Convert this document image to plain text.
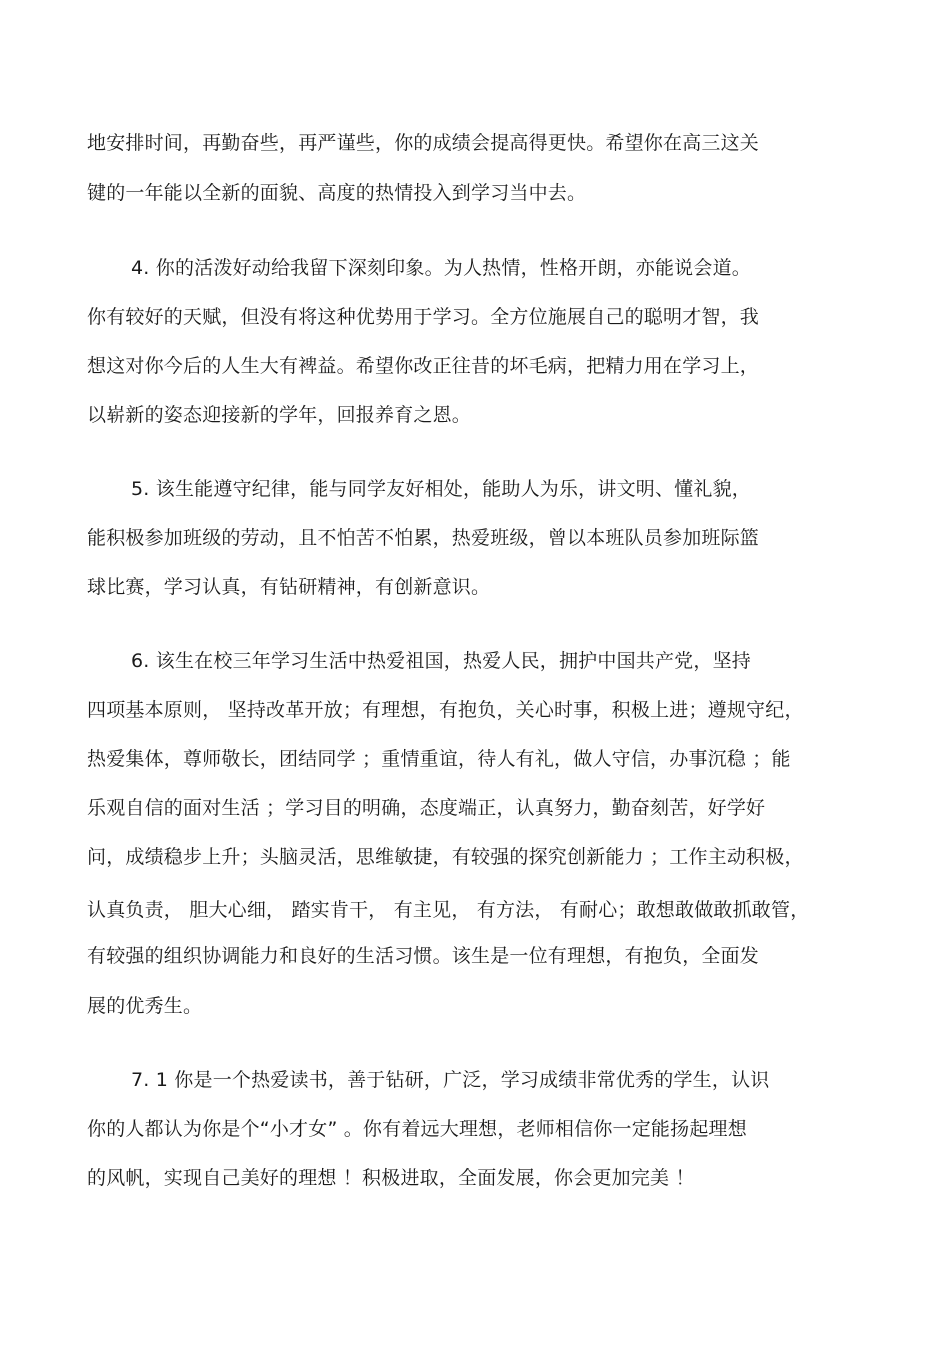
地安排时间，再勤奋些，再严谨些，你的成绩会提高得更快。希望你在高三这关
键的一年能以全新的面貌、高度的热情投入到学习当中去。
4. 你的活泼好动给我留下深刻印象。为人热情，性格开朗，亦能说会道。
你有较好的天赋，但没有将这种优势用于学习。全方位施展自己的聪明才智，我
想这对你今后的人生大有裨益。希望你改正往昔的坏毛病，把精力用在学习上，
以崭新的姿态迎接新的学年，回报养育之恩。
5. 该生能遵守纪律，能与同学友好相处，能助人为乐，讲文明、懂礼貌，
能积极参加班级的劳动，且不怕苦不怕累，热爱班级，曾以本班队员参加班际篮
球比赛，学习认真，有钻研精神，有创新意识。
6. 该生在校三年学习生活中热爱祖国，热爱人民，拥护中国共产党，坚持
四项基本原则， 坚持改革开放；有理想，有抱负，关心时事，积极上进；遵规守纪，
热爱集体，尊师敬长，团结同学 ；重情重谊，待人有礼，做人守信，办事沉稳 ；能
乐观自信的面对生活 ；学习目的明确，态度端正，认真努力，勤奋刻苦，好学好
问，成绩稳步上升；头脑灵活，思维敏捷，有较强的探究创新能力 ；工作主动积极，
认真负责， 胆大心细， 踏实肯干， 有主见， 有方法， 有耐心；敢想敢做敢抓敢管，
有较强的组织协调能力和良好的生活习惯。该生是一位有理想，有抱负，全面发
展的优秀生。
7. 1 你是一个热爱读书，善于钻研，广泛，学习成绩非常优秀的学生，认识
你的人都认为你是个“小才女” 。你有着远大理想，老师相信你一定能扬起理想
的风帆，实现自己美好的理想 ！积极进取，全面发展，你会更加完美 ！
